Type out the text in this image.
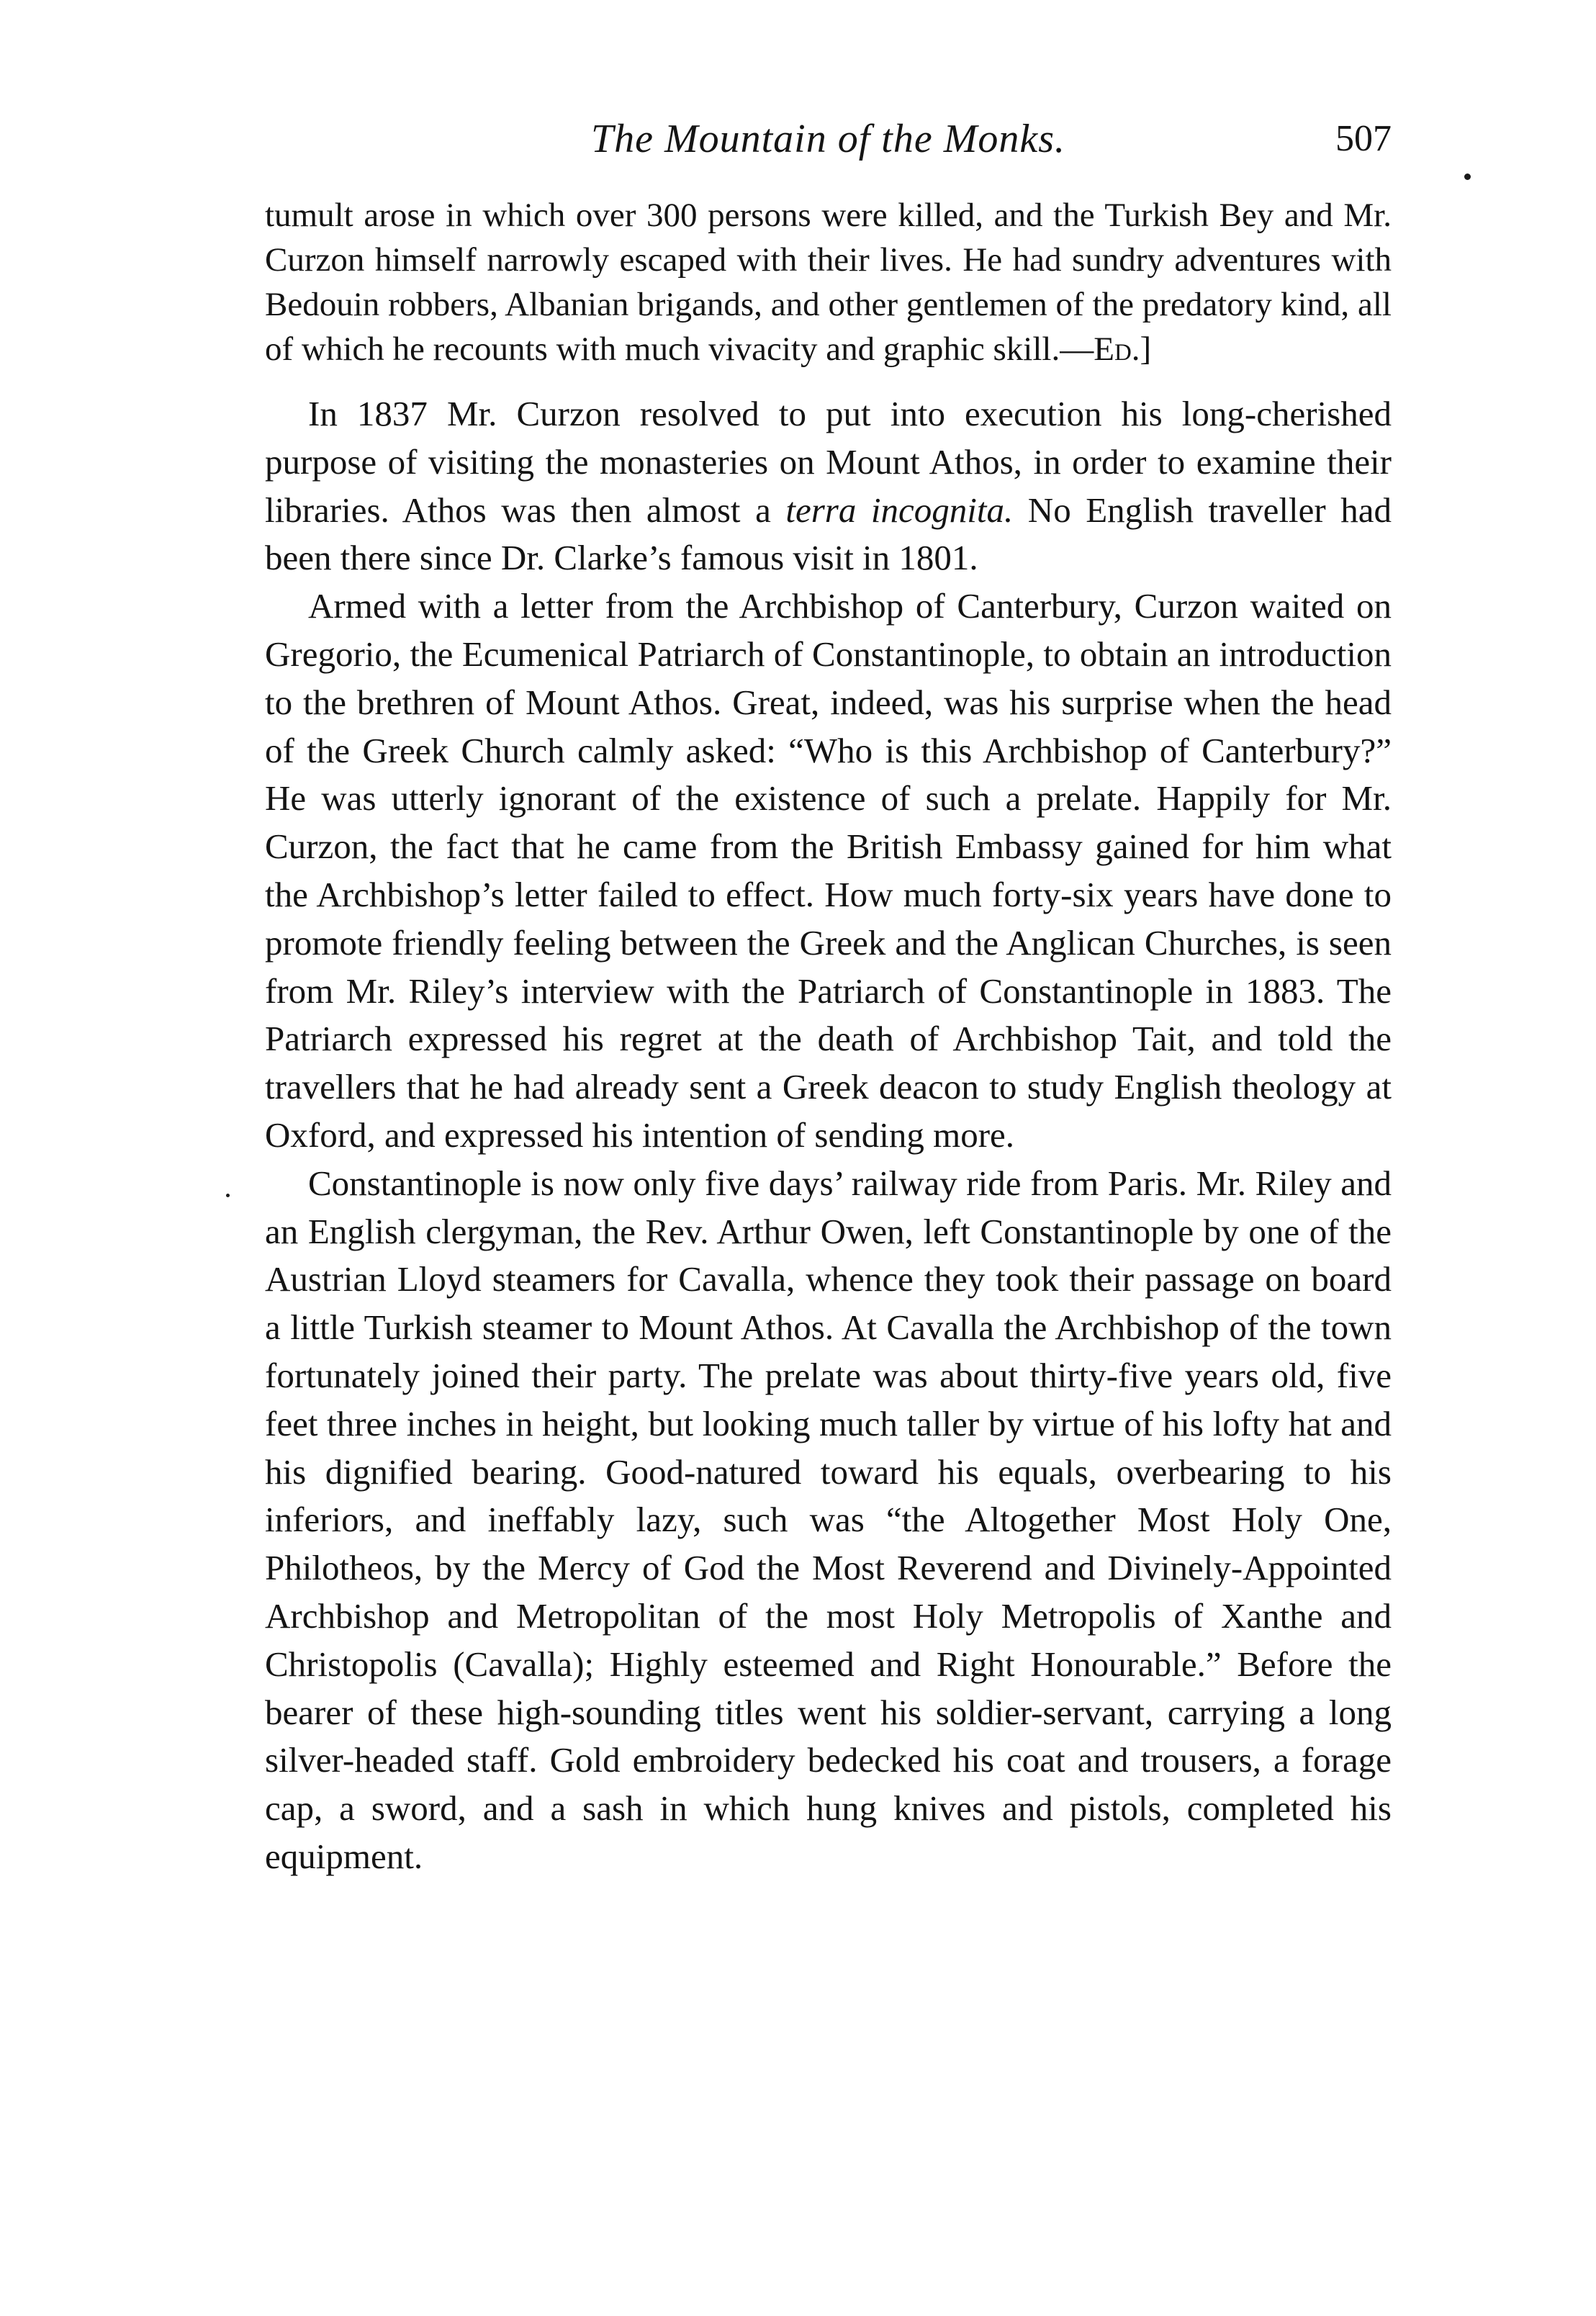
The Mountain of the Monks.	507

tumult arose in which over 300 persons were killed, and the Turkish Bey and Mr. Curzon himself narrowly escaped with their lives. He had sundry adventures with Bedouin robbers, Albanian brigands, and other gentlemen of the predatory kind, all of which he recounts with much vivacity and graphic skill.—Ed.]

In 1837 Mr. Curzon resolved to put into execution his long-cherished purpose of visiting the monasteries on Mount Athos, in order to examine their libraries. Athos was then almost a terra incognita. No English traveller had been there since Dr. Clarke’s famous visit in 1801.

Armed with a letter from the Archbishop of Canterbury, Curzon waited on Gregorio, the Ecumenical Patriarch of Constantinople, to obtain an introduction to the brethren of Mount Athos. Great, indeed, was his surprise when the head of the Greek Church calmly asked: “Who is this Archbishop of Canterbury?” He was utterly ignorant of the existence of such a prelate. Happily for Mr. Curzon, the fact that he came from the British Embassy gained for him what the Archbishop’s letter failed to effect. How much forty-six years have done to promote friendly feeling between the Greek and the Anglican Churches, is seen from Mr. Riley’s interview with the Patriarch of Constantinople in 1883. The Patriarch expressed his regret at the death of Archbishop Tait, and told the travellers that he had already sent a Greek deacon to study English theology at Oxford, and expressed his intention of sending more.

Constantinople is now only five days’ railway ride from Paris. Mr. Riley and an English clergyman, the Rev. Arthur Owen, left Constantinople by one of the Austrian Lloyd steamers for Cavalla, whence they took their passage on board a little Turkish steamer to Mount Athos. At Cavalla the Archbishop of the town fortunately joined their party. The prelate was about thirty-five years old, five feet three inches in height, but looking much taller by virtue of his lofty hat and his dignified bearing. Good-natured toward his equals, overbearing to his inferiors, and ineffably lazy, such was “the Altogether Most Holy One, Philotheos, by the Mercy of God the Most Reverend and Divinely-Appointed Archbishop and Metropolitan of the most Holy Metropolis of Xanthe and Christopolis (Cavalla); Highly esteemed and Right Honourable.” Before the bearer of these high-sounding titles went his soldier-servant, carrying a long silver-headed staff. Gold embroidery bedecked his coat and trousers, a forage cap, a sword, and a sash in which hung knives and pistols, completed his equipment.
